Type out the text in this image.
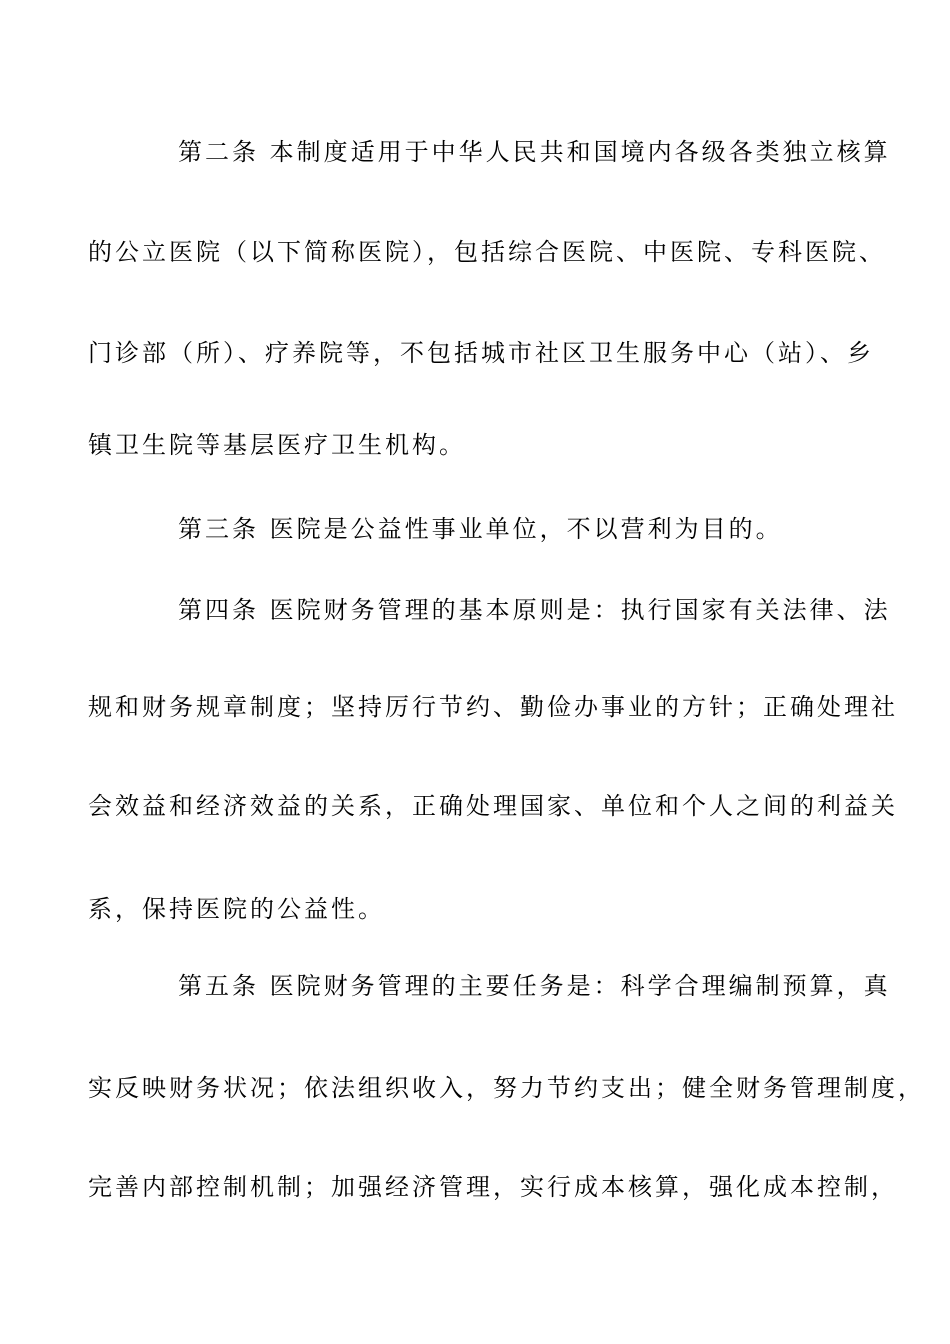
第二条 本制度适用于中华人民共和国境内各级各类独立核算
的公立医院（以下简称医院），包括综合医院、中医院、专科医院、
门诊部（所）、疗养院等，不包括城市社区卫生服务中心（站）、乡
镇卫生院等基层医疗卫生机构。
第三条 医院是公益性事业单位，不以营利为目的。
第四条 医院财务管理的基本原则是：执行国家有关法律、法
规和财务规章制度；坚持厉行节约、勤俭办事业的方针；正确处理社
会效益和经济效益的关系，正确处理国家、单位和个人之间的利益关
系，保持医院的公益性。
第五条 医院财务管理的主要任务是：科学合理编制预算，真
实反映财务状况；依法组织收入，努力节约支出；健全财务管理制度，
完善内部控制机制；加强经济管理，实行成本核算，强化成本控制，
